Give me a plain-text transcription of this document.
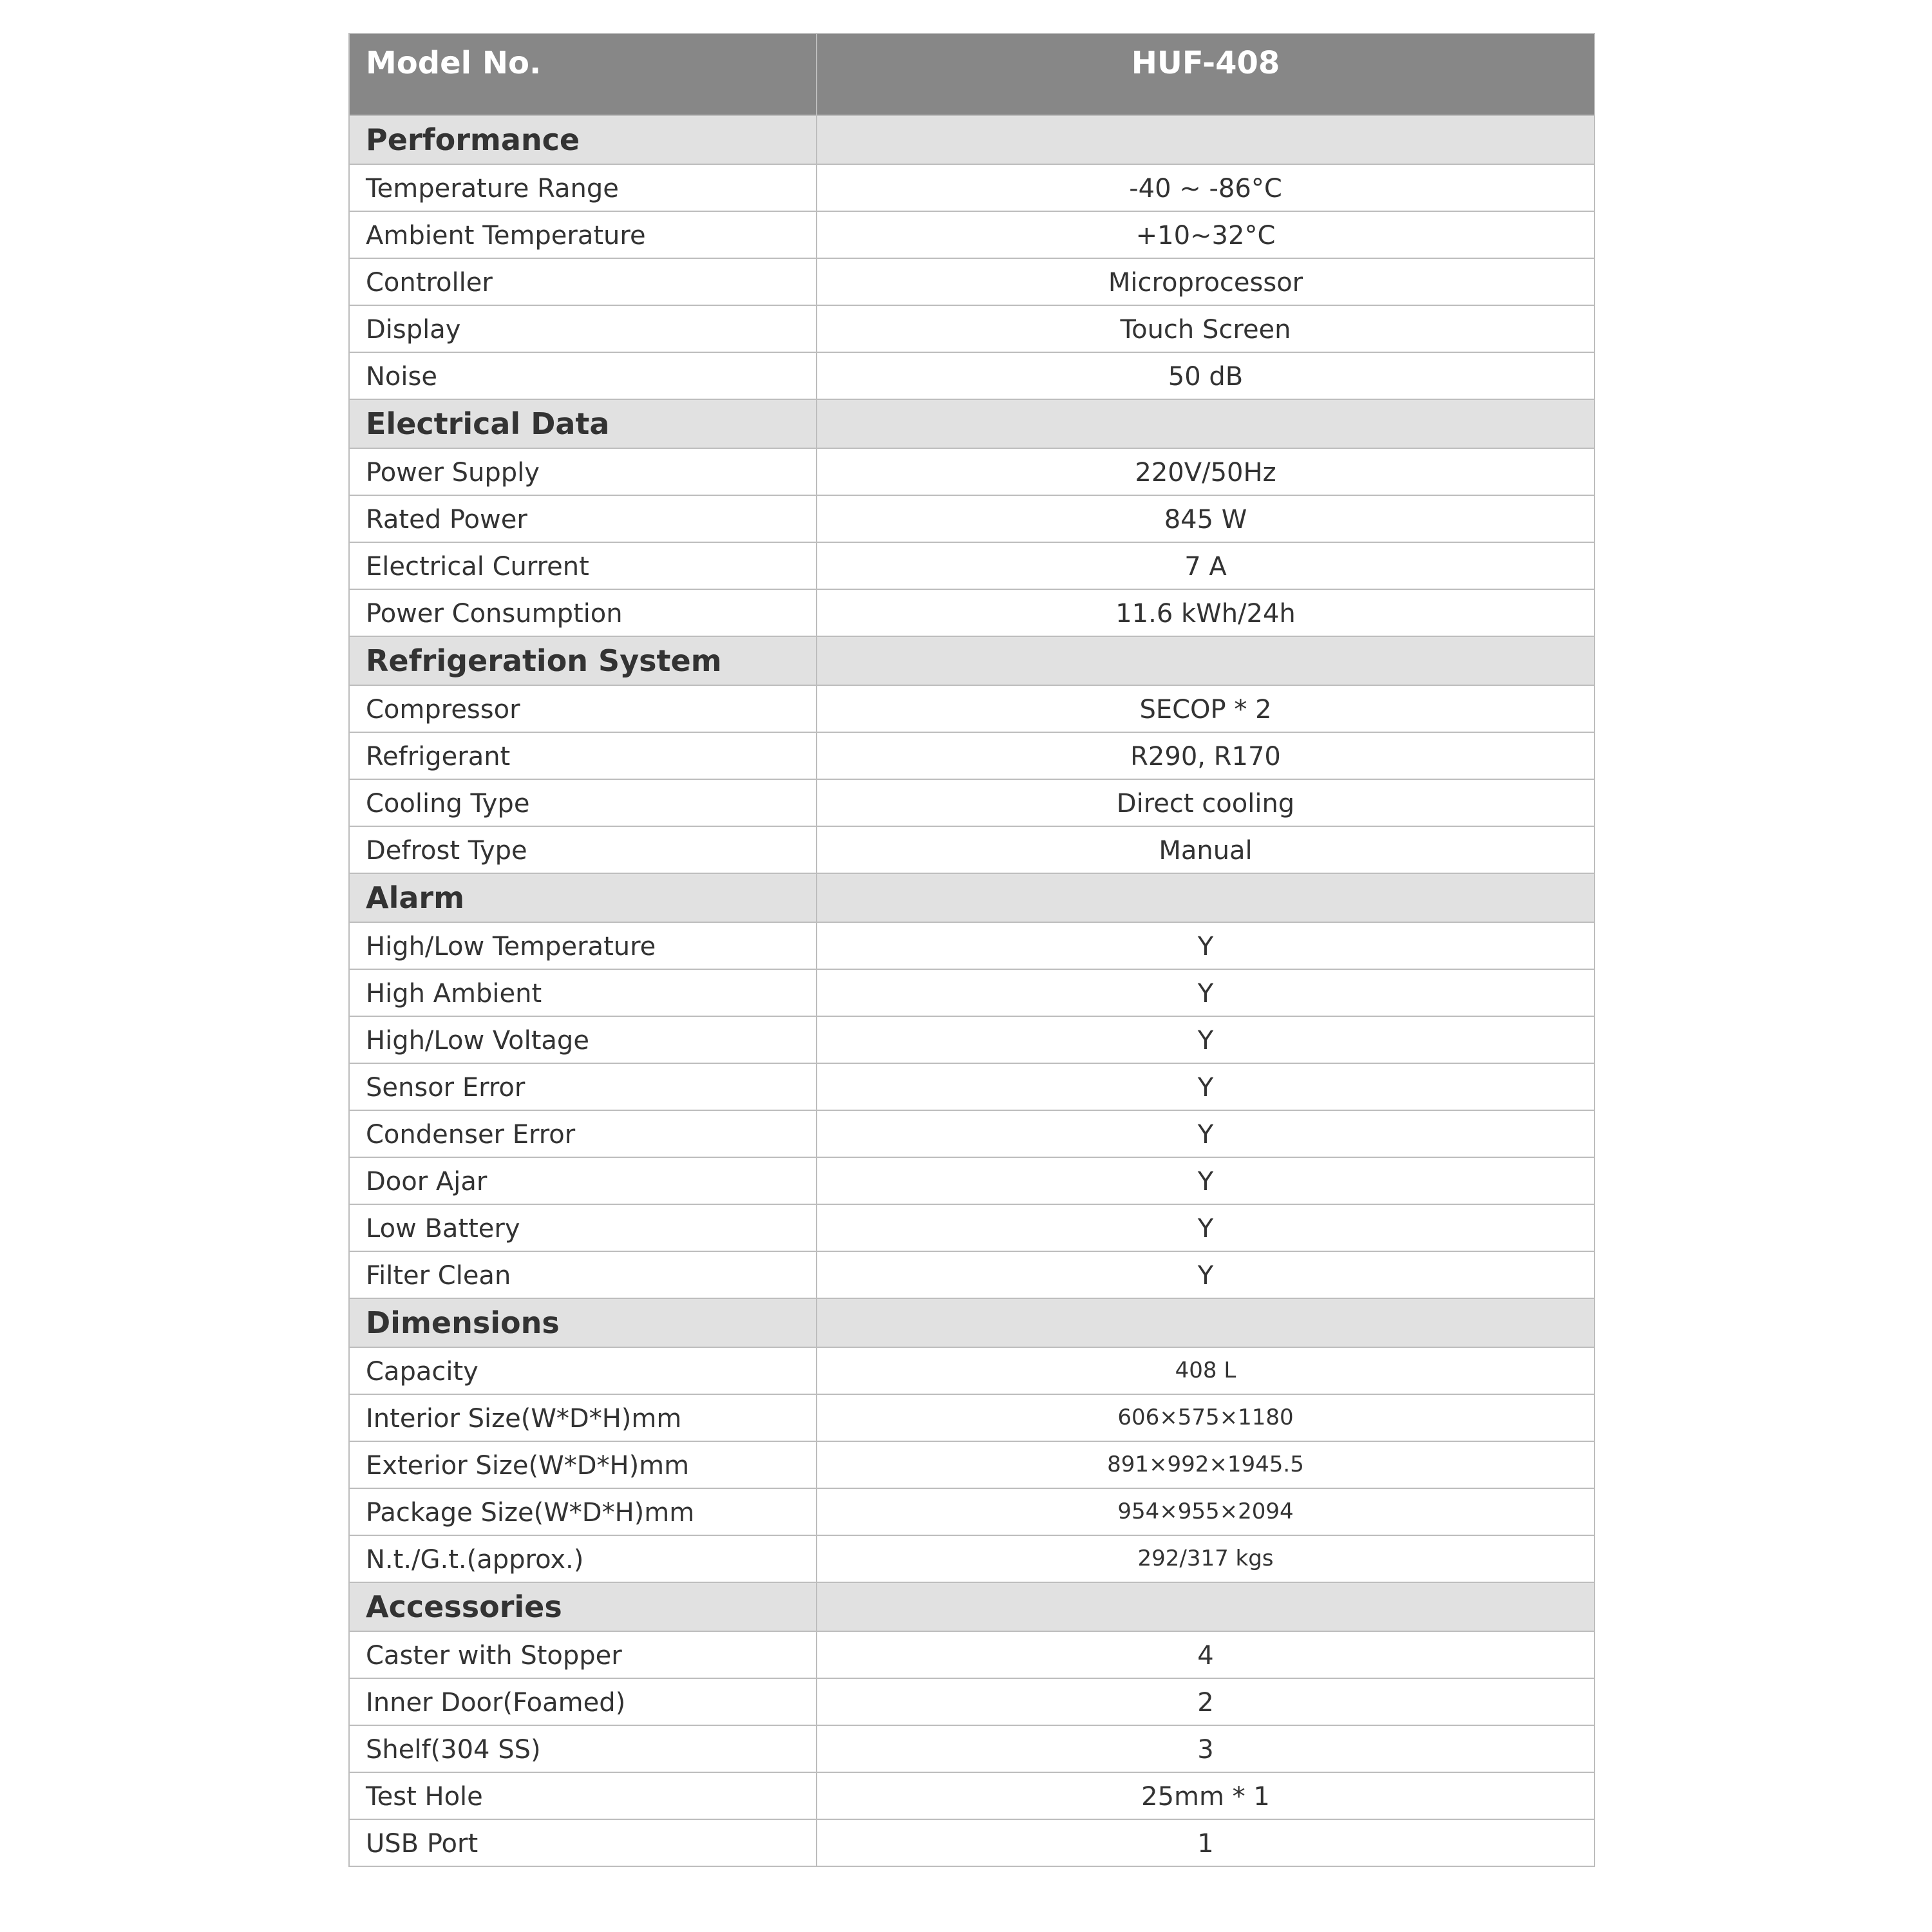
Model No.	HUF-408
Performance	
Temperature Range	-40 ~ -86°C
Ambient Temperature	+10~32°C
Controller	Microprocessor
Display	Touch Screen
Noise	50 dB
Electrical Data	
Power Supply	220V/50Hz
Rated Power	845 W
Electrical Current	7 A
Power Consumption	11.6 kWh/24h
Refrigeration System	
Compressor	SECOP * 2
Refrigerant	R290, R170
Cooling Type	Direct cooling
Defrost Type	Manual
Alarm	
High/Low Temperature	Y
High Ambient	Y
High/Low Voltage	Y
Sensor Error	Y
Condenser Error	Y
Door Ajar	Y
Low Battery	Y
Filter Clean	Y
Dimensions	
Capacity	408 L
Interior Size(W*D*H)mm	606×575×1180
Exterior Size(W*D*H)mm	891×992×1945.5
Package Size(W*D*H)mm	954×955×2094
N.t./G.t.(approx.)	292/317 kgs
Accessories	
Caster with Stopper	4
Inner Door(Foamed)	2
Shelf(304 SS)	3
Test Hole	25mm * 1
USB Port	1
